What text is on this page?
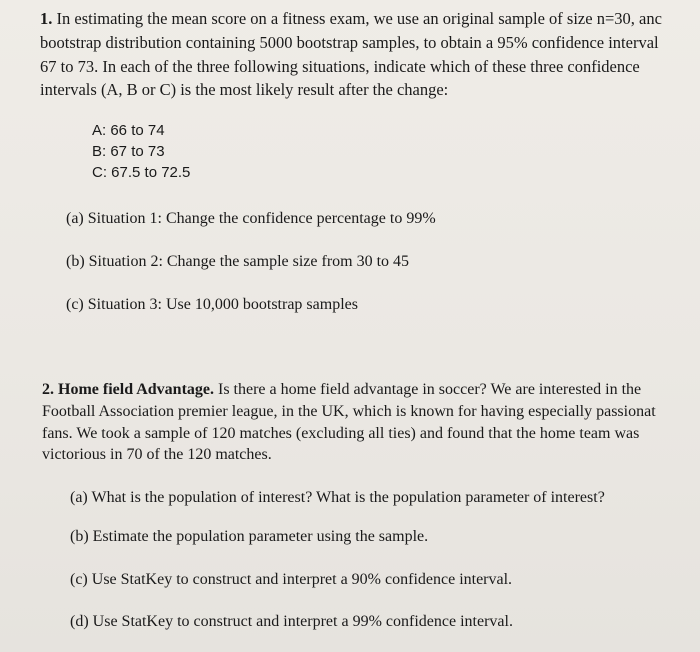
1. In estimating the mean score on a fitness exam, we use an original sample of size n=30, anc
bootstrap distribution containing 5000 bootstrap samples, to obtain a 95% confidence interval
67 to 73. In each of the three following situations, indicate which of these three confidence
intervals (A, B or C) is the most likely result after the change:
A: 66 to 74
B: 67 to 73
C: 67.5 to 72.5
(a) Situation 1: Change the confidence percentage to 99%
(b) Situation 2: Change the sample size from 30 to 45
(c) Situation 3: Use 10,000 bootstrap samples
2. Home field Advantage. Is there a home field advantage in soccer? We are interested in the
Football Association premier league, in the UK, which is known for having especially passionat
fans. We took a sample of 120 matches (excluding all ties) and found that the home team was
victorious in 70 of the 120 matches.
(a) What is the population of interest? What is the population parameter of interest?
(b) Estimate the population parameter using the sample.
(c) Use StatKey to construct and interpret a 90% confidence interval.
(d) Use StatKey to construct and interpret a 99% confidence interval.
